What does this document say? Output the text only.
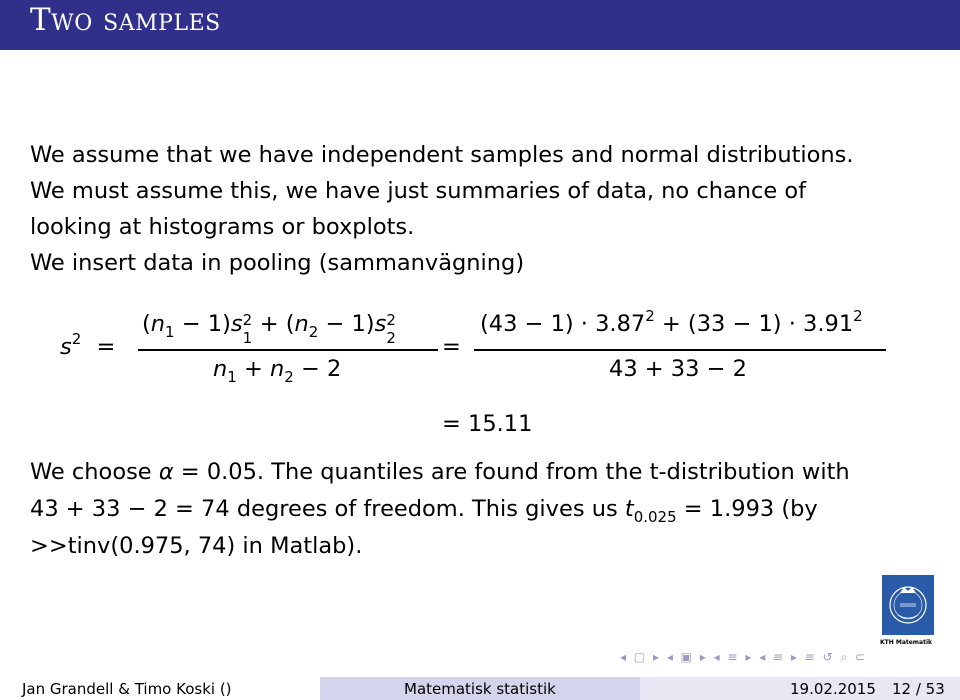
Two samples
We assume that we have independent samples and normal distributions.
We must assume this, we have just summaries of data, no chance of
looking at histograms or boxplots.
We insert data in pooling (sammanvägning)
$s^2$ =
$(n_1 - 1)s$ 2
1
+ $(n_2 - 1)s$ 2
2
$n_1 + n_2 - 2$
=
$(43 - 1) \cdot 3.87^2 + (33 - 1) \cdot 3.91^2$
43 + 33 − 2
= 15.11
We choose α = 0.05. The quantiles are found from the t-distribution with
43 + 33 − 2 = 74 degrees of freedom. This gives us $t_{0.025} = 1.993$ (by
>>tinv(0.975, 74) in Matlab).
KTH Matematik
◂ ▢ ▸ ◂ ▣ ▸ ◂ ≡ ▸ ◂ ≡ ▸ ≡ ↺ ⌕ ⊂
Jan Grandell & Timo Koski ()	Matematisk statistik	19.02.2015 12 / 53
